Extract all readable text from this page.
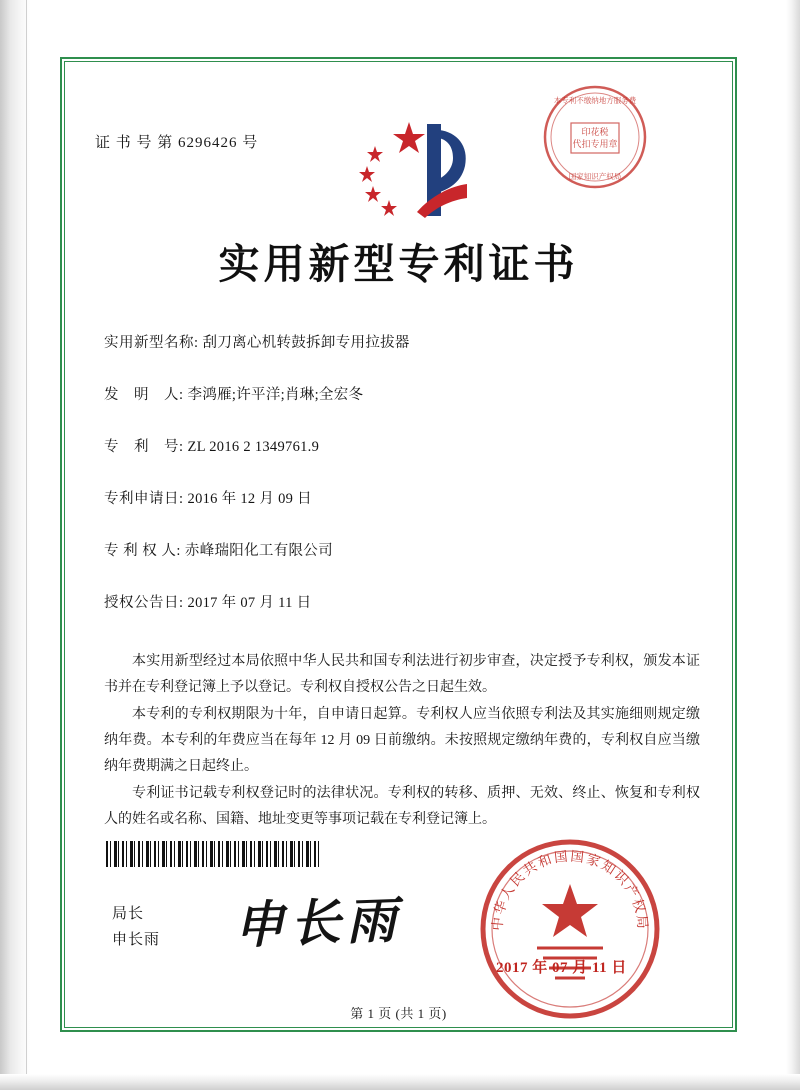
证 书 号 第 6296426 号
印花税
代扣专用章
本专利不缴纳地方服务费
国家知识产权局
实用新型专利证书
实用新型名称: 刮刀离心机转鼓拆卸专用拉拔器
发　明　人: 李鸿雁;许平洋;肖琳;全宏冬
专　利　号: ZL 2016 2 1349761.9
专利申请日: 2016 年 12 月 09 日
专 利 权 人: 赤峰瑞阳化工有限公司
授权公告日: 2017 年 07 月 11 日

本实用新型经过本局依照中华人民共和国专利法进行初步审查，决定授予专利权，颁发本证书并在专利登记簿上予以登记。专利权自授权公告之日起生效。

本专利的专利权期限为十年，自申请日起算。专利权人应当依照专利法及其实施细则规定缴纳年费。本专利的年费应当在每年 12 月 09 日前缴纳。未按照规定缴纳年费的，专利权自应当缴纳年费期满之日起终止。

专利证书记载专利权登记时的法律状况。专利权的转移、质押、无效、终止、恢复和专利权人的姓名或名称、国籍、地址变更等事项记载在专利登记簿上。

局长
申长雨 申长雨	中华人民共和国国家知识产权局
2017 年 07 月 11 日
第 1 页 (共 1 页)
